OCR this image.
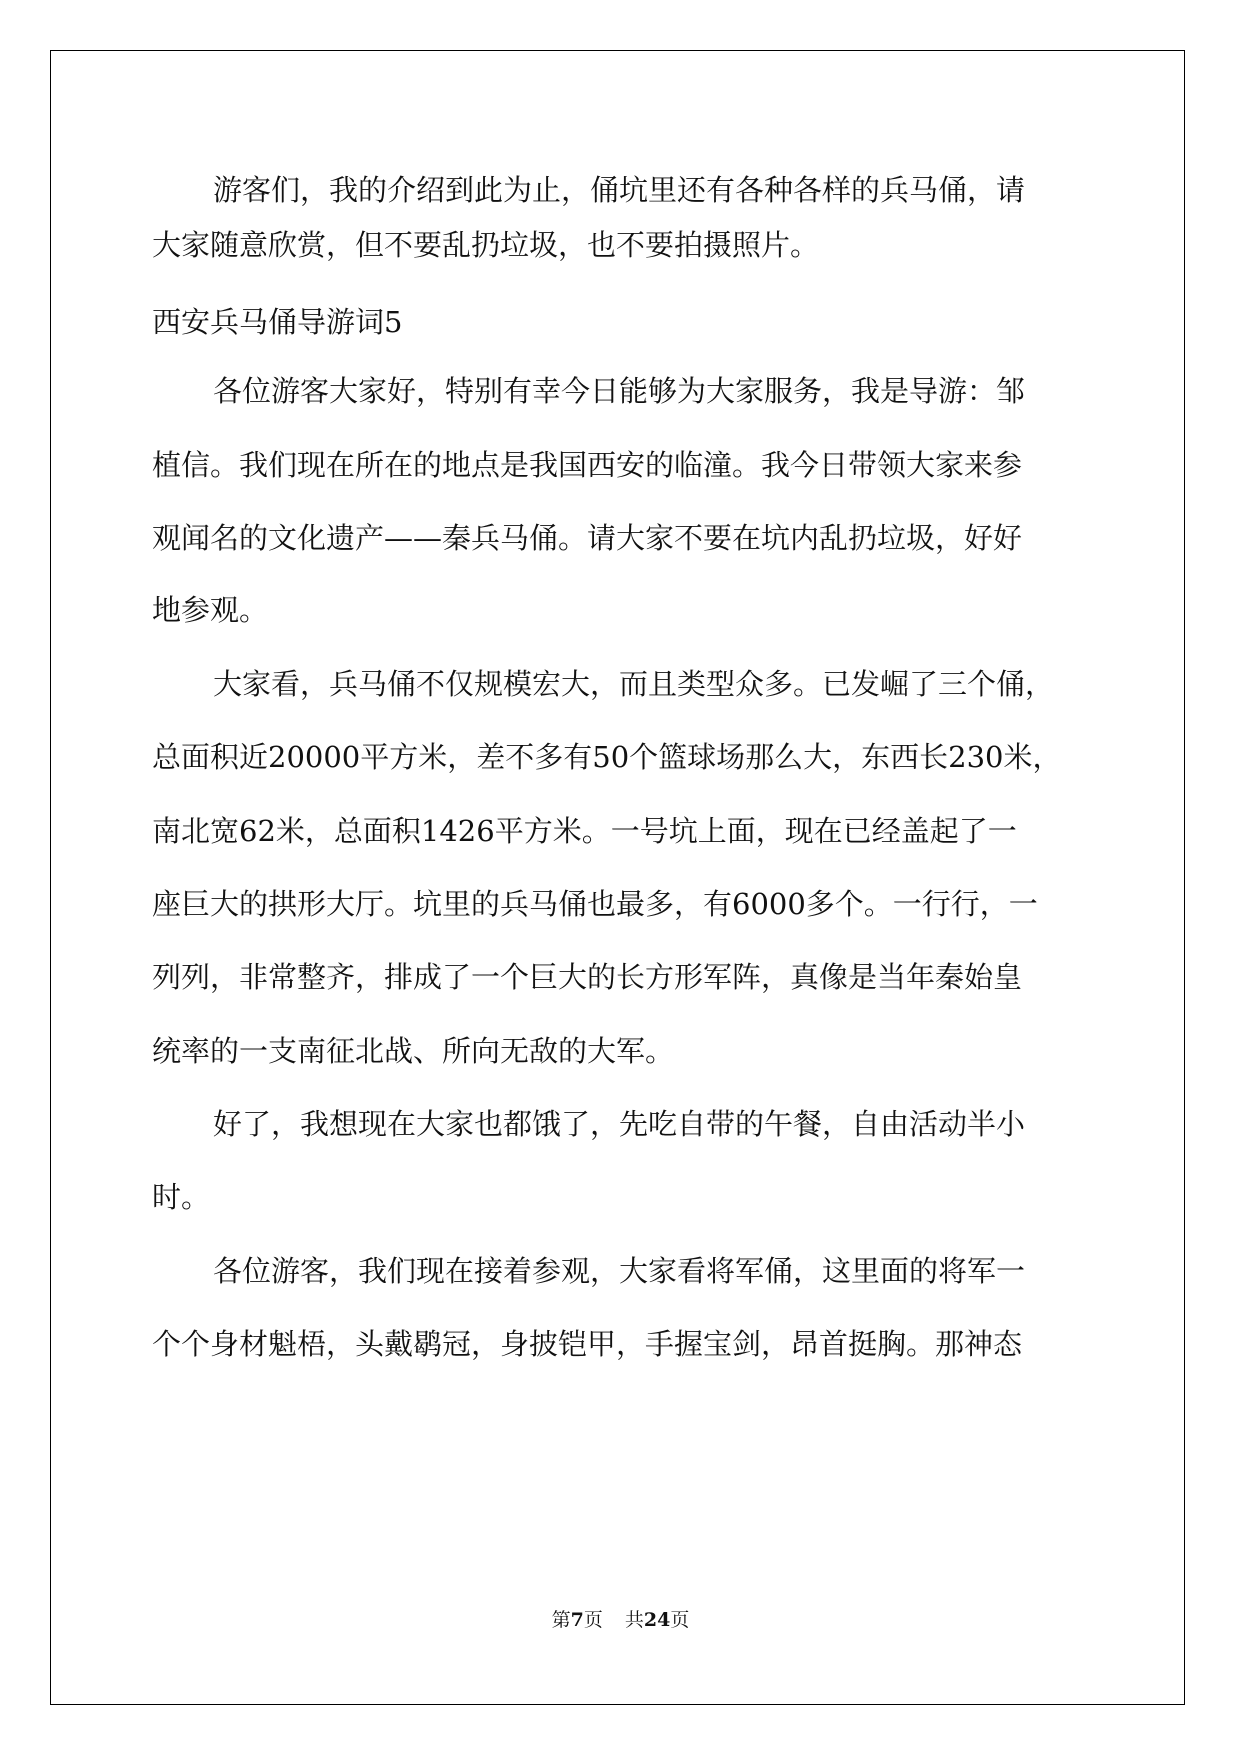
游客们，我的介绍到此为止，俑坑里还有各种各样的兵马俑，请

大家随意欣赏，但不要乱扔垃圾，也不要拍摄照片。

西安兵马俑导游词5

各位游客大家好，特别有幸今日能够为大家服务，我是导游：邹

植信。我们现在所在的地点是我国西安的临潼。我今日带领大家来参

观闻名的文化遗产——秦兵马俑。请大家不要在坑内乱扔垃圾，好好

地参观。

大家看，兵马俑不仅规模宏大，而且类型众多。已发崛了三个俑，

总面积近20000平方米，差不多有50个篮球场那么大，东西长230米，

南北宽62米，总面积1426平方米。一号坑上面，现在已经盖起了一

座巨大的拱形大厅。坑里的兵马俑也最多，有6000多个。一行行，一

列列，非常整齐，排成了一个巨大的长方形军阵，真像是当年秦始皇

统率的一支南征北战、所向无敌的大军。

好了，我想现在大家也都饿了，先吃自带的午餐，自由活动半小

时。

各位游客，我们现在接着参观，大家看将军俑，这里面的将军一

个个身材魁梧，头戴鹖冠，身披铠甲，手握宝剑，昂首挺胸。那神态

第7页 共24页
